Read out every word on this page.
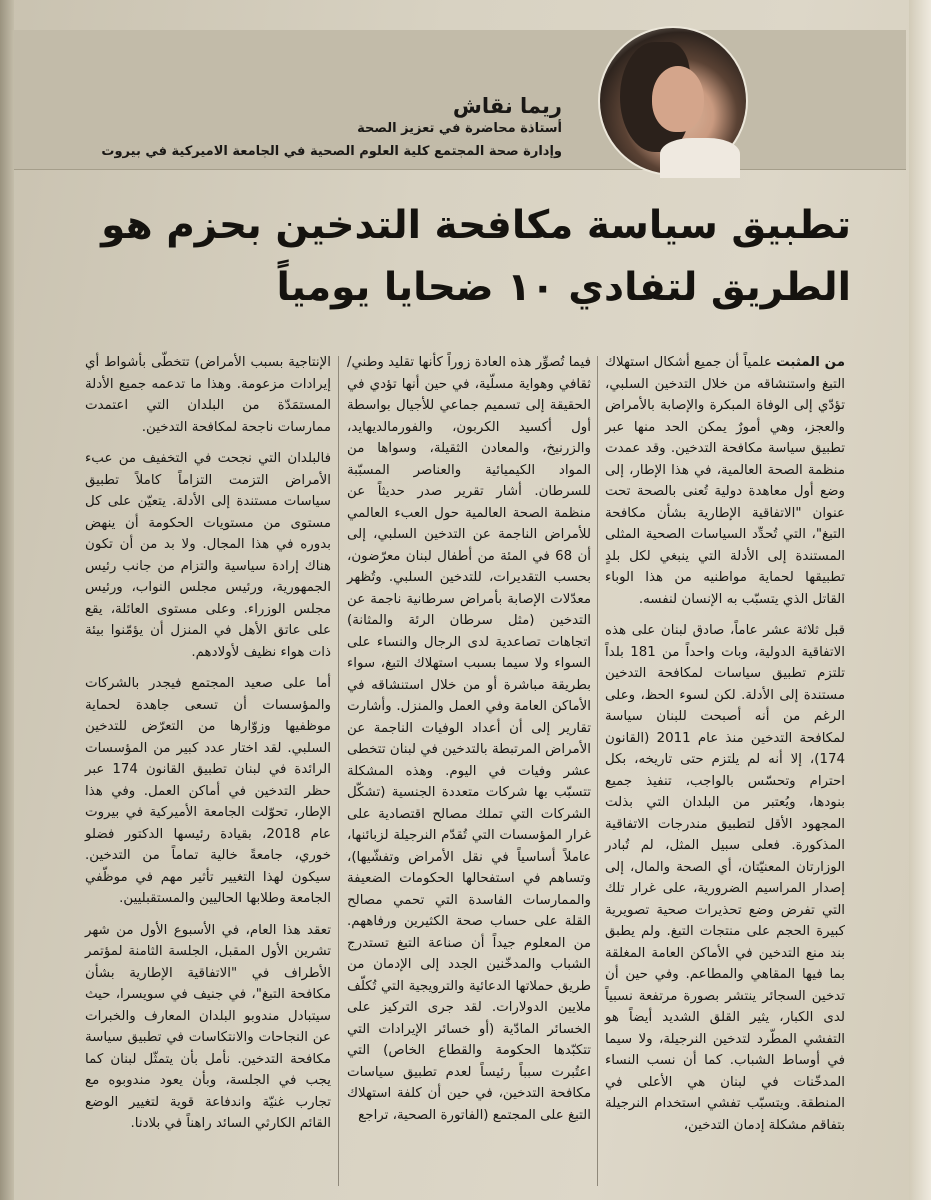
ريما نقاش
أستاذة محاضرة في تعزيز الصحة
وإدارة صحة المجتمع كلية العلوم الصحية في الجامعة الاميركية في بيروت
تطبيق سياسة مكافحة التدخين بحزم هو
الطريق لتفادي ١٠ ضحايا يومياً

من المثبت علمياً أن جميع أشكال استهلاك التبغ واستنشاقه من خلال التدخين السلبي، تؤدّي إلى الوفاة المبكرة والإصابة بالأمراض والعجز، وهي أمورٌ يمكن الحد منها عبر تطبيق سياسة مكافحة التدخين. وقد عمدت منظمة الصحة العالمية، في هذا الإطار، إلى وضع أول معاهدة دولية تُعنى بالصحة تحت عنوان "الاتفاقية الإطارية بشأن مكافحة التبغ"، التي تُحدِّد السياسات الصحية المثلى المستندة إلى الأدلة التي ينبغي لكل بلدٍ تطبيقها لحماية مواطنيه من هذا الوباء القاتل الذي يتسبّب به الإنسان لنفسه.

قبل ثلاثة عشر عاماً، صادق لبنان على هذه الاتفاقية الدولية، وبات واحداً من 181 بلداً تلتزم تطبيق سياسات لمكافحة التدخين مستندة إلى الأدلة. لكن لسوء الحظ، وعلى الرغم من أنه أصبحت للبنان سياسة لمكافحة التدخين منذ عام 2011 (القانون 174)، إلا أنه لم يلتزم حتى تاريخه، بكل احترام وتحسّس بالواجب، تنفيذ جميع بنودها، ويُعتبر من البلدان التي بذلت المجهود الأقل لتطبيق مندرجات الاتفاقية المذكورة. فعلى سبيل المثل، لم تُبادر الوزارتان المعنيّتان، أي الصحة والمال، إلى إصدار المراسيم الضرورية، على غرار تلك التي تفرض وضع تحذيرات صحية تصويرية كبيرة الحجم على منتجات التبغ. ولم يطبق بند منع التدخين في الأماكن العامة المغلقة بما فيها المقاهي والمطاعم. وفي حين أن تدخين السجائر ينتشر بصورة مرتفعة نسبياً لدى الكبار، يثير القلق الشديد أيضاً هو التفشي المطّرد لتدخين النرجيلة، ولا سيما في أوساط الشباب. كما أن نسب النساء المدخّنات في لبنان هي الأعلى في المنطقة. ويتسبّب تفشي استخدام النرجيلة بتفاقم مشكلة إدمان التدخين،

فيما تُصوِّر هذه العادة زوراً كأنها تقليد وطني/ثقافي وهواية مسلّية، في حين أنها تؤدي في الحقيقة إلى تسميم جماعي للأجيال بواسطة أول أكسيد الكربون، والفورمالديهايد، والزرنيخ، والمعادن الثقيلة، وسواها من المواد الكيميائية والعناصر المسبّبة للسرطان. أشار تقرير صدر حديثاً عن منظمة الصحة العالمية حول العبء العالمي للأمراض الناجمة عن التدخين السلبي، إلى أن 68 في المئة من أطفال لبنان معرّضون، بحسب التقديرات، للتدخين السلبي. وتُظهر معدّلات الإصابة بأمراض سرطانية ناجمة عن التدخين (مثل سرطان الرئة والمثانة) اتجاهات تصاعدية لدى الرجال والنساء على السواء ولا سيما بسبب استهلاك التبغ، سواء بطريقة مباشرة أو من خلال استنشاقه في الأماكن العامة وفي العمل والمنزل. وأشارت تقارير إلى أن أعداد الوفيات الناجمة عن الأمراض المرتبطة بالتدخين في لبنان تتخطى عشر وفيات في اليوم. وهذه المشكلة تتسبّب بها شركات متعددة الجنسية (تشكّل الشركات التي تملك مصالح اقتصادية على غرار المؤسسات التي تُقدّم النرجيلة لزبائنها، عاملاً أساسياً في نقل الأمراض وتفشّيها)، وتساهم في استفحالها الحكومات الضعيفة والممارسات الفاسدة التي تحمي مصالح القلة على حساب صحة الكثيرين ورفاههم. من المعلوم جيداً أن صناعة التبغ تستدرج الشباب والمدخّنين الجدد إلى الإدمان من طريق حملاتها الدعائية والترويجية التي تُكلّف ملايين الدولارات. لقد جرى التركيز على الخسائر المادّية (أو خسائر الإيرادات التي تتكبّدها الحكومة والقطاع الخاص) التي اعتُبرت سبباً رئيساً لعدم تطبيق سياسات مكافحة التدخين، في حين أن كلفة استهلاك التبغ على المجتمع (الفاتورة الصحية، تراجع

الإنتاجية بسبب الأمراض) تتخطّى بأشواط أي إيرادات مزعومة. وهذا ما تدعمه جميع الأدلة المستمَدّة من البلدان التي اعتمدت ممارسات ناجحة لمكافحة التدخين.

فالبلدان التي نجحت في التخفيف من عبء الأمراض التزمت التزاماً كاملاً تطبيق سياسات مستندة إلى الأدلة. يتعيّن على كل مستوى من مستويات الحكومة أن ينهض بدوره في هذا المجال. ولا بد من أن تكون هناك إرادة سياسية والتزام من جانب رئيس الجمهورية، ورئيس مجلس النواب، ورئيس مجلس الوزراء. وعلى مستوى العائلة، يقع على عاتق الأهل في المنزل أن يؤمّنوا بيئة ذات هواء نظيف لأولادهم.

أما على صعيد المجتمع فيجدر بالشركات والمؤسسات أن تسعى جاهدة لحماية موظفيها وزوّارها من التعرّض للتدخين السلبي. لقد اختار عدد كبير من المؤسسات الرائدة في لبنان تطبيق القانون 174 عبر حظر التدخين في أماكن العمل. وفي هذا الإطار، تحوّلت الجامعة الأميركية في بيروت عام 2018، بقيادة رئيسها الدكتور فضلو خوري، جامعةً خالية تماماً من التدخين. سيكون لهذا التغيير تأثير مهم في موظّفي الجامعة وطلابها الحاليين والمستقبليين.

تعقد هذا العام، في الأسبوع الأول من شهر تشرين الأول المقبل، الجلسة الثامنة لمؤتمر الأطراف في "الاتفاقية الإطارية بشأن مكافحة التبغ"، في جنيف في سويسرا، حيث سيتبادل مندوبو البلدان المعارف والخبرات عن النجاحات والانتكاسات في تطبيق سياسة مكافحة التدخين. نأمل بأن يتمثّل لبنان كما يجب في الجلسة، وبأن يعود مندوبوه مع تجارب غنيّة واندفاعة قوية لتغيير الوضع القائم الكارثي السائد راهناً في بلادنا.
